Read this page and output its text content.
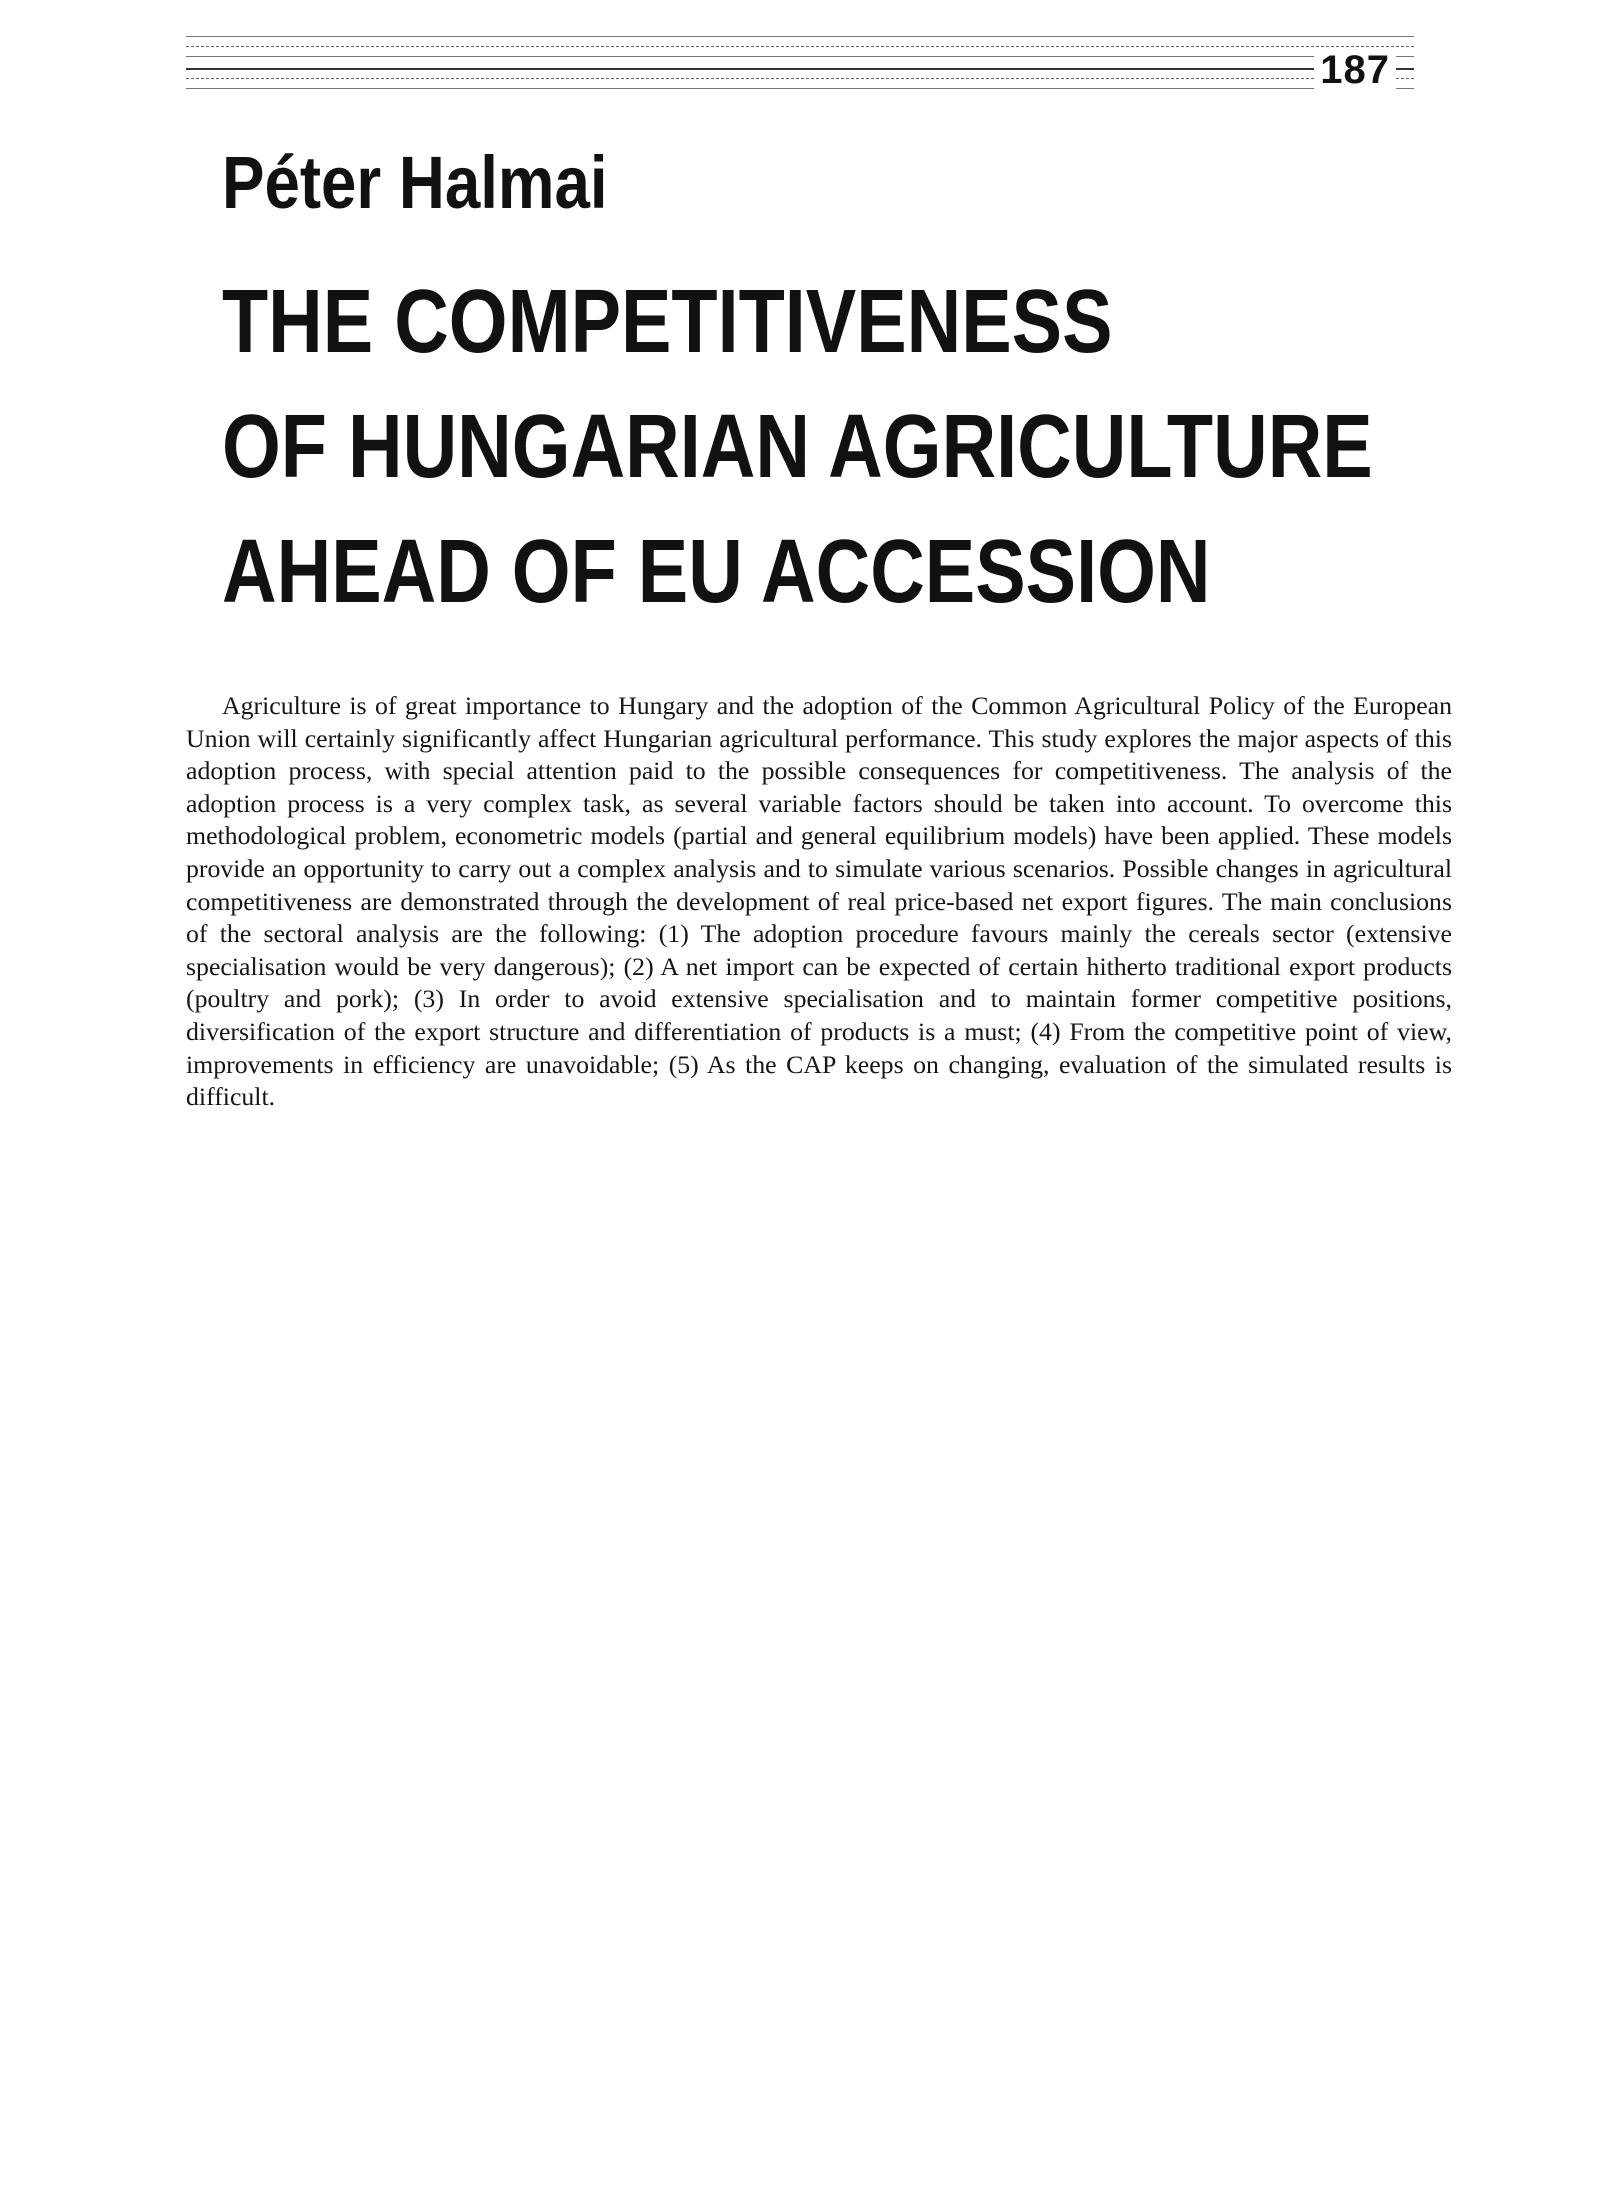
187
Péter Halmai
THE COMPETITIVENESS
OF HUNGARIAN AGRICULTURE
AHEAD OF EU ACCESSION

Agriculture is of great importance to Hungary and the adoption of the Common Agricultural Policy of the European Union will certainly significantly affect Hungarian agricultural performance. This study explores the major aspects of this adoption process, with special attention paid to the possible consequences for competitiveness. The analysis of the adoption process is a very complex task, as several variable factors should be taken into account. To overcome this methodological problem, econometric models (partial and general equilibrium models) have been applied. These models provide an opportunity to carry out a complex analysis and to simulate various scenarios. Possible changes in agricultural competitiveness are demonstrated through the development of real price-based net export figures. The main conclusions of the sectoral analysis are the following: (1) The adoption procedure favours mainly the cereals sector (extensive specialisation would be very dangerous); (2) A net import can be expected of certain hitherto traditional export products (poultry and pork); (3) In order to avoid extensive specialisation and to maintain former competitive positions, diversification of the export structure and differentiation of products is a must; (4) From the competitive point of view, improvements in efficiency are unavoidable; (5) As the CAP keeps on changing, evaluation of the simulated results is difficult.
